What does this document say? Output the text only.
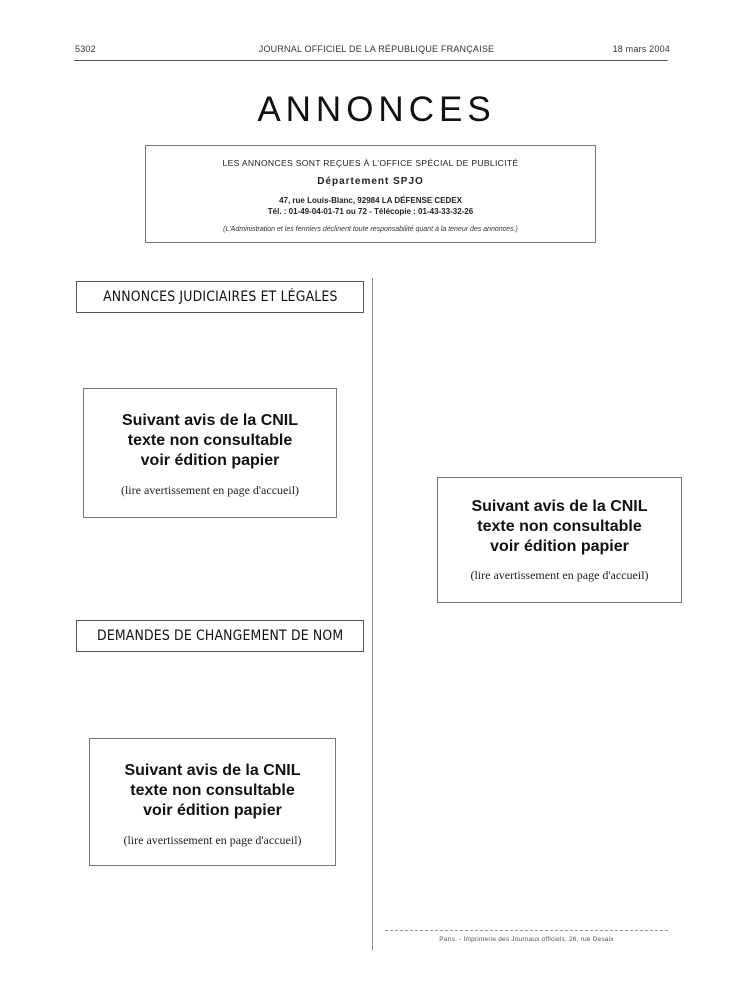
5302	JOURNAL OFFICIEL DE LA RÉPUBLIQUE FRANÇAISE	18 mars 2004
ANNONCES
LES ANNONCES SONT REÇUES À L'OFFICE SPÉCIAL DE PUBLICITÉ
Département SPJO
47, rue Louis-Blanc, 92984 LA DÉFENSE CEDEX
Tél. : 01-49-04-01-71 ou 72 - Télécopie : 01-43-33-32-26
(L'Administration et les fermiers déclinent toute responsabilité quant à la teneur des annonces.)
ANNONCES JUDICIAIRES ET LÉGALES
Suivant avis de la CNIL
texte non consultable
voir édition papier
(lire avertissement en page d'accueil)
Suivant avis de la CNIL
texte non consultable
voir édition papier
(lire avertissement en page d'accueil)
DEMANDES DE CHANGEMENT DE NOM
Suivant avis de la CNIL
texte non consultable
voir édition papier
(lire avertissement en page d'accueil)
Paris. - Imprimerie des Journaux officiels, 26, rue Desaix
